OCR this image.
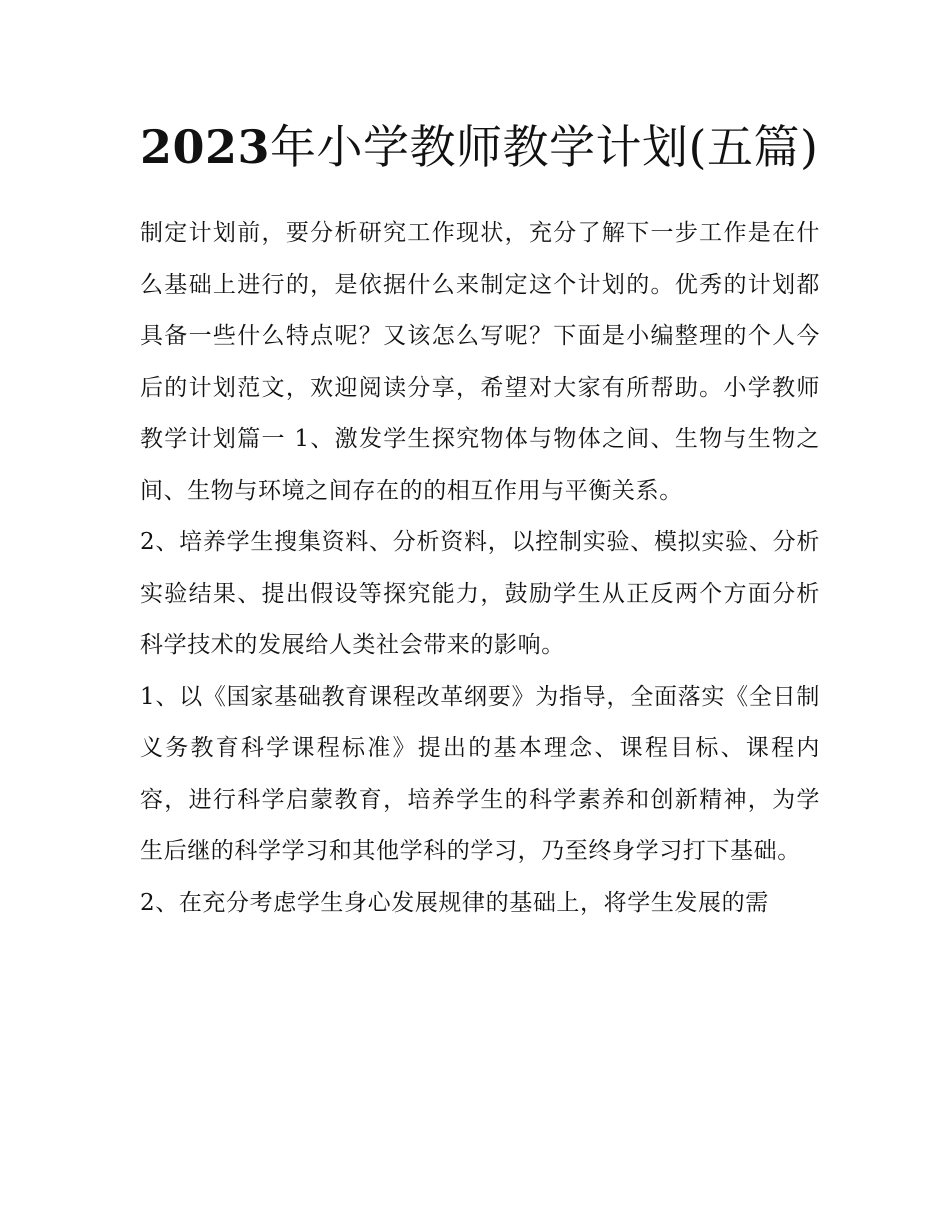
2023年小学教师教学计划(五篇)

制定计划前，要分析研究工作现状，充分了解下一步工作是在什么基础上进行的，是依据什么来制定这个计划的。优秀的计划都具备一些什么特点呢？又该怎么写呢？下面是小编整理的个人今后的计划范文，欢迎阅读分享，希望对大家有所帮助。小学教师教学计划篇一 1、激发学生探究物体与物体之间、生物与生物之间、生物与环境之间存在的的相互作用与平衡关系。

2、培养学生搜集资料、分析资料，以控制实验、模拟实验、分析实验结果、提出假设等探究能力，鼓励学生从正反两个方面分析科学技术的发展给人类社会带来的影响。

1、以《国家基础教育课程改革纲要》为指导，全面落实《全日制义务教育科学课程标准》提出的基本理念、课程目标、课程内容，进行科学启蒙教育，培养学生的科学素养和创新精神，为学生后继的科学学习和其他学科的学习，乃至终身学习打下基础。

2、在充分考虑学生身心发展规律的基础上，将学生发展的需
